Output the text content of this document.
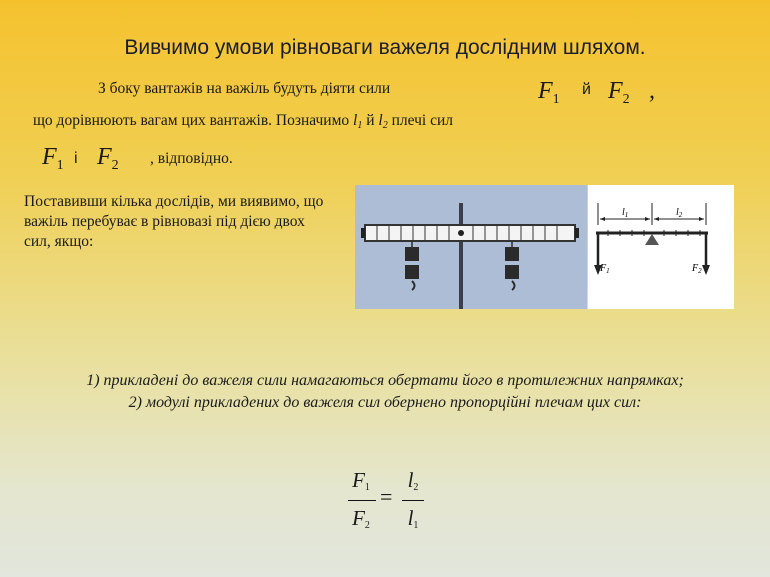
Вивчимо умови рівноваги важеля дослідним шляхом.
З боку вантажів на важіль будуть діяти сили	$F_1$
й $F_2$ ,
що дорівнюють вагам цих вантажів. Позначимо l1 й l2 плечі сил
$F_1$ і $F_2$ , відповідно.
Поставивши кілька дослідів, ми виявимо, що важіль перебуває в рівновазі під дією двох сил, якщо:
$l_1$	$l_2$
$F_1$	$F_2$
1) прикладені до важеля сили намагаються обертати його в протилежних напрямках;
2) модулі прикладених до важеля сил обернено пропорційні плечам цих сил:
F1
F2
=
l2
l1
